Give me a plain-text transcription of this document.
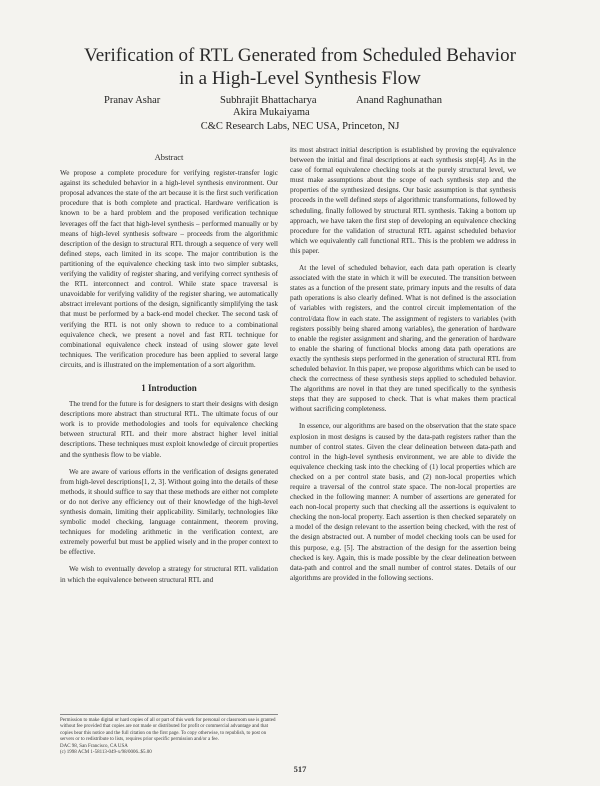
Verification of RTL Generated from Scheduled Behavior
in a High-Level Synthesis Flow
Pranav Ashar	Subhrajit Bhattacharya	Anand Raghunathan
Akira Mukaiyama
C&C Research Labs, NEC USA, Princeton, NJ
Abstract

We propose a complete procedure for verifying register-transfer logic against its scheduled behavior in a high-level synthesis environment. Our proposal advances the state of the art because it is the first such verification procedure that is both complete and practical. Hardware verification is known to be a hard problem and the proposed verification technique leverages off the fact that high-level synthesis – performed manually or by means of high-level synthesis software – proceeds from the algorithmic description of the design to structural RTL through a sequence of very well defined steps, each limited in its scope. The major contribution is the partitioning of the equivalence checking task into two simpler subtasks, verifying the validity of register sharing, and verifying correct synthesis of the RTL interconnect and control. While state space traversal is unavoidable for verifying validity of the register sharing, we automatically abstract irrelevant portions of the design, significantly simplifying the task that must be performed by a back-end model checker. The second task of verifying the RTL is not only shown to reduce to a combinational equivalence check, we present a novel and fast RTL technique for combinational equivalence check instead of using slower gate level techniques. The verification procedure has been applied to several large circuits, and is illustrated on the implementation of a sort algorithm.

1 Introduction

The trend for the future is for designers to start their designs with design descriptions more abstract than structural RTL. The ultimate focus of our work is to provide methodologies and tools for equivalence checking between structural RTL and their more abstract higher level initial descriptions. These techniques must exploit knowledge of circuit properties and the synthesis flow to be viable.

We are aware of various efforts in the verification of designs generated from high-level descriptions[1, 2, 3]. Without going into the details of these methods, it should suffice to say that these methods are either not complete or do not derive any efficiency out of their knowledge of the high-level synthesis domain, limiting their applicability. Similarly, technologies like symbolic model checking, language containment, theorem proving, techniques for modeling arithmetic in the verification context, are extremely powerful but must be applied wisely and in the proper context to be effective.

We wish to eventually develop a strategy for structural RTL validation in which the equivalence between structural RTL and

its most abstract initial description is established by proving the equivalence between the initial and final descriptions at each synthesis step[4]. As in the case of formal equivalence checking tools at the purely structural level, we must make assumptions about the scope of each synthesis step and the properties of the synthesized designs. Our basic assumption is that synthesis proceeds in the well defined steps of algorithmic transformations, followed by scheduling, finally followed by structural RTL synthesis. Taking a bottom up approach, we have taken the first step of developing an equivalence checking procedure for the validation of structural RTL against scheduled behavior which we equivalently call functional RTL. This is the problem we address in this paper.

At the level of scheduled behavior, each data path operation is clearly associated with the state in which it will be executed. The transition between states as a function of the present state, primary inputs and the results of data path operations is also clearly defined. What is not defined is the association of variables with registers, and the control circuit implementation of the control/data flow in each state. The assignment of registers to variables (with registers possibly being shared among variables), the generation of hardware to enable the register assignment and sharing, and the generation of hardware to enable the sharing of functional blocks among data path operations are exactly the synthesis steps performed in the generation of structural RTL from scheduled behavior. In this paper, we propose algorithms which can be used to check the correctness of these synthesis steps applied to scheduled behavior. The algorithms are novel in that they are tuned specifically to the synthesis steps that they are supposed to check. That is what makes them practical without sacrificing completeness.

In essence, our algorithms are based on the observation that the state space explosion in most designs is caused by the data-path registers rather than the number of control states. Given the clear delineation between data-path and control in the high-level synthesis environment, we are able to divide the equivalence checking task into the checking of (1) local properties which are checked on a per control state basis, and (2) non-local properties which require a traversal of the control state space. The non-local properties are checked in the following manner: A number of assertions are generated for each non-local property such that checking all the assertions is equivalent to checking the non-local property. Each assertion is then checked separately on a model of the design relevant to the assertion being checked, with the rest of the design abstracted out. A number of model checking tools can be used for this purpose, e.g. [5]. The abstraction of the design for the assertion being checked is key. Again, this is made possible by the clear delineation between data-path and control and the small number of control states. Details of our algorithms are provided in the following sections.

Permission to make digital or hard copies of all or part of this work for personal or classroom use is granted without fee provided that copies are not made or distributed for profit or commercial advantage and that copies bear this notice and the full citation on the first page. To copy otherwise, to republish, to post on servers or to redistribute to lists, requires prior specific permission and/or a fee.
DAC 98, San Francisco, CA USA
(c) 1998 ACM 1-58113-049-x/98/0006..$5.00
517
